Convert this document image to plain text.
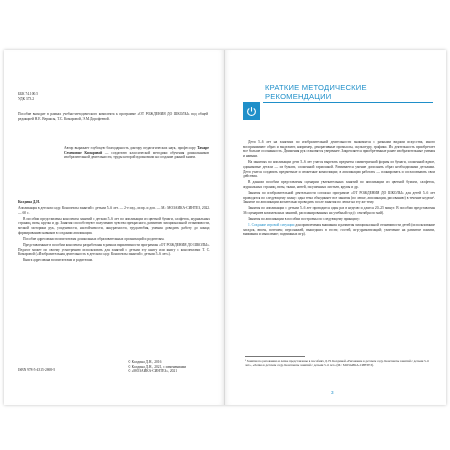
ББК 74.100.5
УДК 373.2
Пособие выходит в рамках учебно-методического комплекта к программе «ОТ РОЖДЕНИЯ ДО ШКОЛЫ» под общей редакцией Н.Е. Вераксы, Т.С. Комаровой, Э.М.Дорофеевой.
Автор выражает глубокую благодарность доктору педагогических наук, профессору Тамаре Семеновне Комаровой — создателю классической методики обучения дошкольников изобразительной деятельности, труды которой вдохновили на создание данной книги.
Колдина Д.Н.
Аппликация в детском саду. Конспекты занятий с детьми 5–6 лет. — 2-е изд., испр. и доп. — М.: МОЗАИКА-СИНТЕЗ, 2022. — 60 с.
В пособии представлены конспекты занятий с детьми 5–6 лет по аппликации из цветной бумаги, салфеток, журнальных страниц, ваты, крупы и др. Занятия способствуют получению чувства прекрасного, развитию эмоциональной отзывчивости, мелкой моторики рук, усидчивости, настойчивости, аккуратности, трудолюбия, умения доводить работу до конца; формированию навыков в создании аппликации.
Пособие адресовано воспитателям дошкольных образовательных организаций и родителям.
Представленные в пособии конспекты разработаны в рамках вариативности программы «ОТ РОЖДЕНИЯ ДО ШКОЛЫ». Педагог может по своему усмотрению использовать для занятий с детьми эту книгу или книгу с конспектами Т. С. Комаровой («Изобразительная деятельность в детском саду. Конспекты занятий с детьми 5–6 лет»).
Книга адресована воспитателям и родителям.
ISBN 978-5-4315-2869-5
© Колдина Д.Н., 2016
© Колдина Д.Н., 2021, с изменениями
© «МОЗАИКА-СИНТЕЗ», 2021
КРАТКИЕ МЕТОДИЧЕСКИЕ
РЕКОМЕНДАЦИИ
Дети 5–6 лет на занятиях по изобразительной деятельности знакомятся с разными видами искусства, много воспринимают образ и выделяют, например, декоративные промыслы, скульптуру, графики. Их деятельность приобретает все больше осознанность. Движения рук становятся увереннее. Закрепляется приобретенные ранее изобразительные умения и навыки.
На занятиях по аппликации дети 5–6 лет учатся вырезать предметы симметричной формы из бумаги, сложенной вдвое, одинаковые детали — из бумаги, сложенной гармошкой. Развивается умение дополнять образ необходимыми деталями. Дети учатся создавать предметные и сюжетные композиции; в аппликации работать — планировать и согласовывать свои действия.
В данном пособии представлены сценарии увлекательных занятий по аппликации из цветной бумаги, салфеток, журнальных страниц, ваты, ткани, нитей, засушенных листьев, крупы и др.
Занятия по изобразительной деятельности согласно программе «ОТ РОЖДЕНИЯ ДО ШКОЛЫ» для детей 5–6 лет проводятся по следующему плану: одна тема объединяет все занятия (по лепке, аппликации, рисованию) в течение недели¹. Занятие по аппликации желательно проводить после занятия по лепке на эту же тему.
Занятия по аппликации с детьми 5–6 лет проводятся один раз в неделю и длятся 20–25 минут. В пособии представлены 36 сценариев комплексных занятий, распланированных на учебный год (с сентября по май).
Занятия по аппликации в пособии построены по следующему принципу:
1. Создание игровой ситуации для привлечения внимания и развития эмоциональной отзывчивости детей (использование загадок, ввсен, потешек; персонажей, вышедших в гости; гостей, игр-драматизаций; увлечение на развитие памяти, внимания и мышление; подвижных игр).
¹ Занятия по рисованию и лепке представлены в пособиях Д. Н. Колдиной «Рисование в детском саду. Конспекты занятий с детьми 5–6 лет», «Лепка в детском саду. Конспекты занятий с детьми 5–6 лет» (М.: МОЗАИКА-СИНТЕЗ).
3
